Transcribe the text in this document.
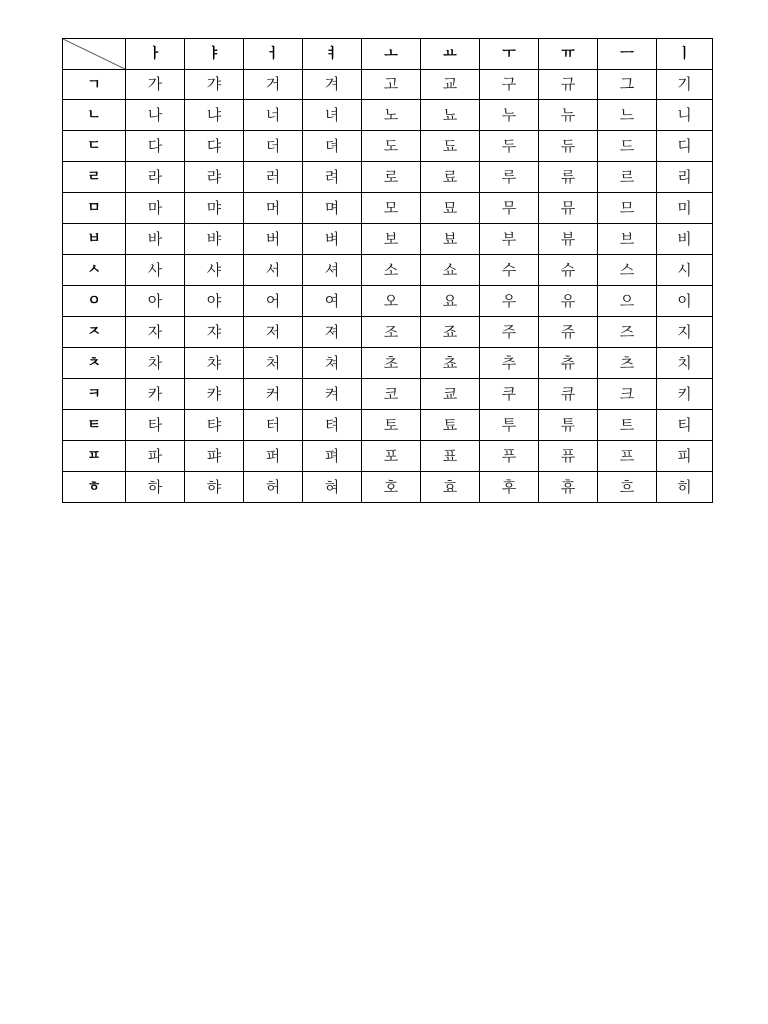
	ㅏ	ㅑ	ㅓ	ㅕ	ㅗ	ㅛ	ㅜ	ㅠ	ㅡ	ㅣ
ㄱ	가	갸	거	겨	고	교	구	규	그	기
ㄴ	나	냐	너	녀	노	뇨	누	뉴	느	니
ㄷ	다	댜	더	뎌	도	됴	두	듀	드	디
ㄹ	라	랴	러	려	로	료	루	류	르	리
ㅁ	마	먀	머	며	모	묘	무	뮤	므	미
ㅂ	바	뱌	버	벼	보	뵤	부	뷰	브	비
ㅅ	사	샤	서	셔	소	쇼	수	슈	스	시
ㅇ	아	야	어	여	오	요	우	유	으	이
ㅈ	자	쟈	저	져	조	죠	주	쥬	즈	지
ㅊ	차	챠	처	쳐	초	쵸	추	츄	츠	치
ㅋ	카	캬	커	켜	코	쿄	쿠	큐	크	키
ㅌ	타	탸	터	텨	토	툐	투	튜	트	티
ㅍ	파	퍄	퍼	펴	포	표	푸	퓨	프	피
ㅎ	하	햐	허	혀	호	효	후	휴	흐	히
